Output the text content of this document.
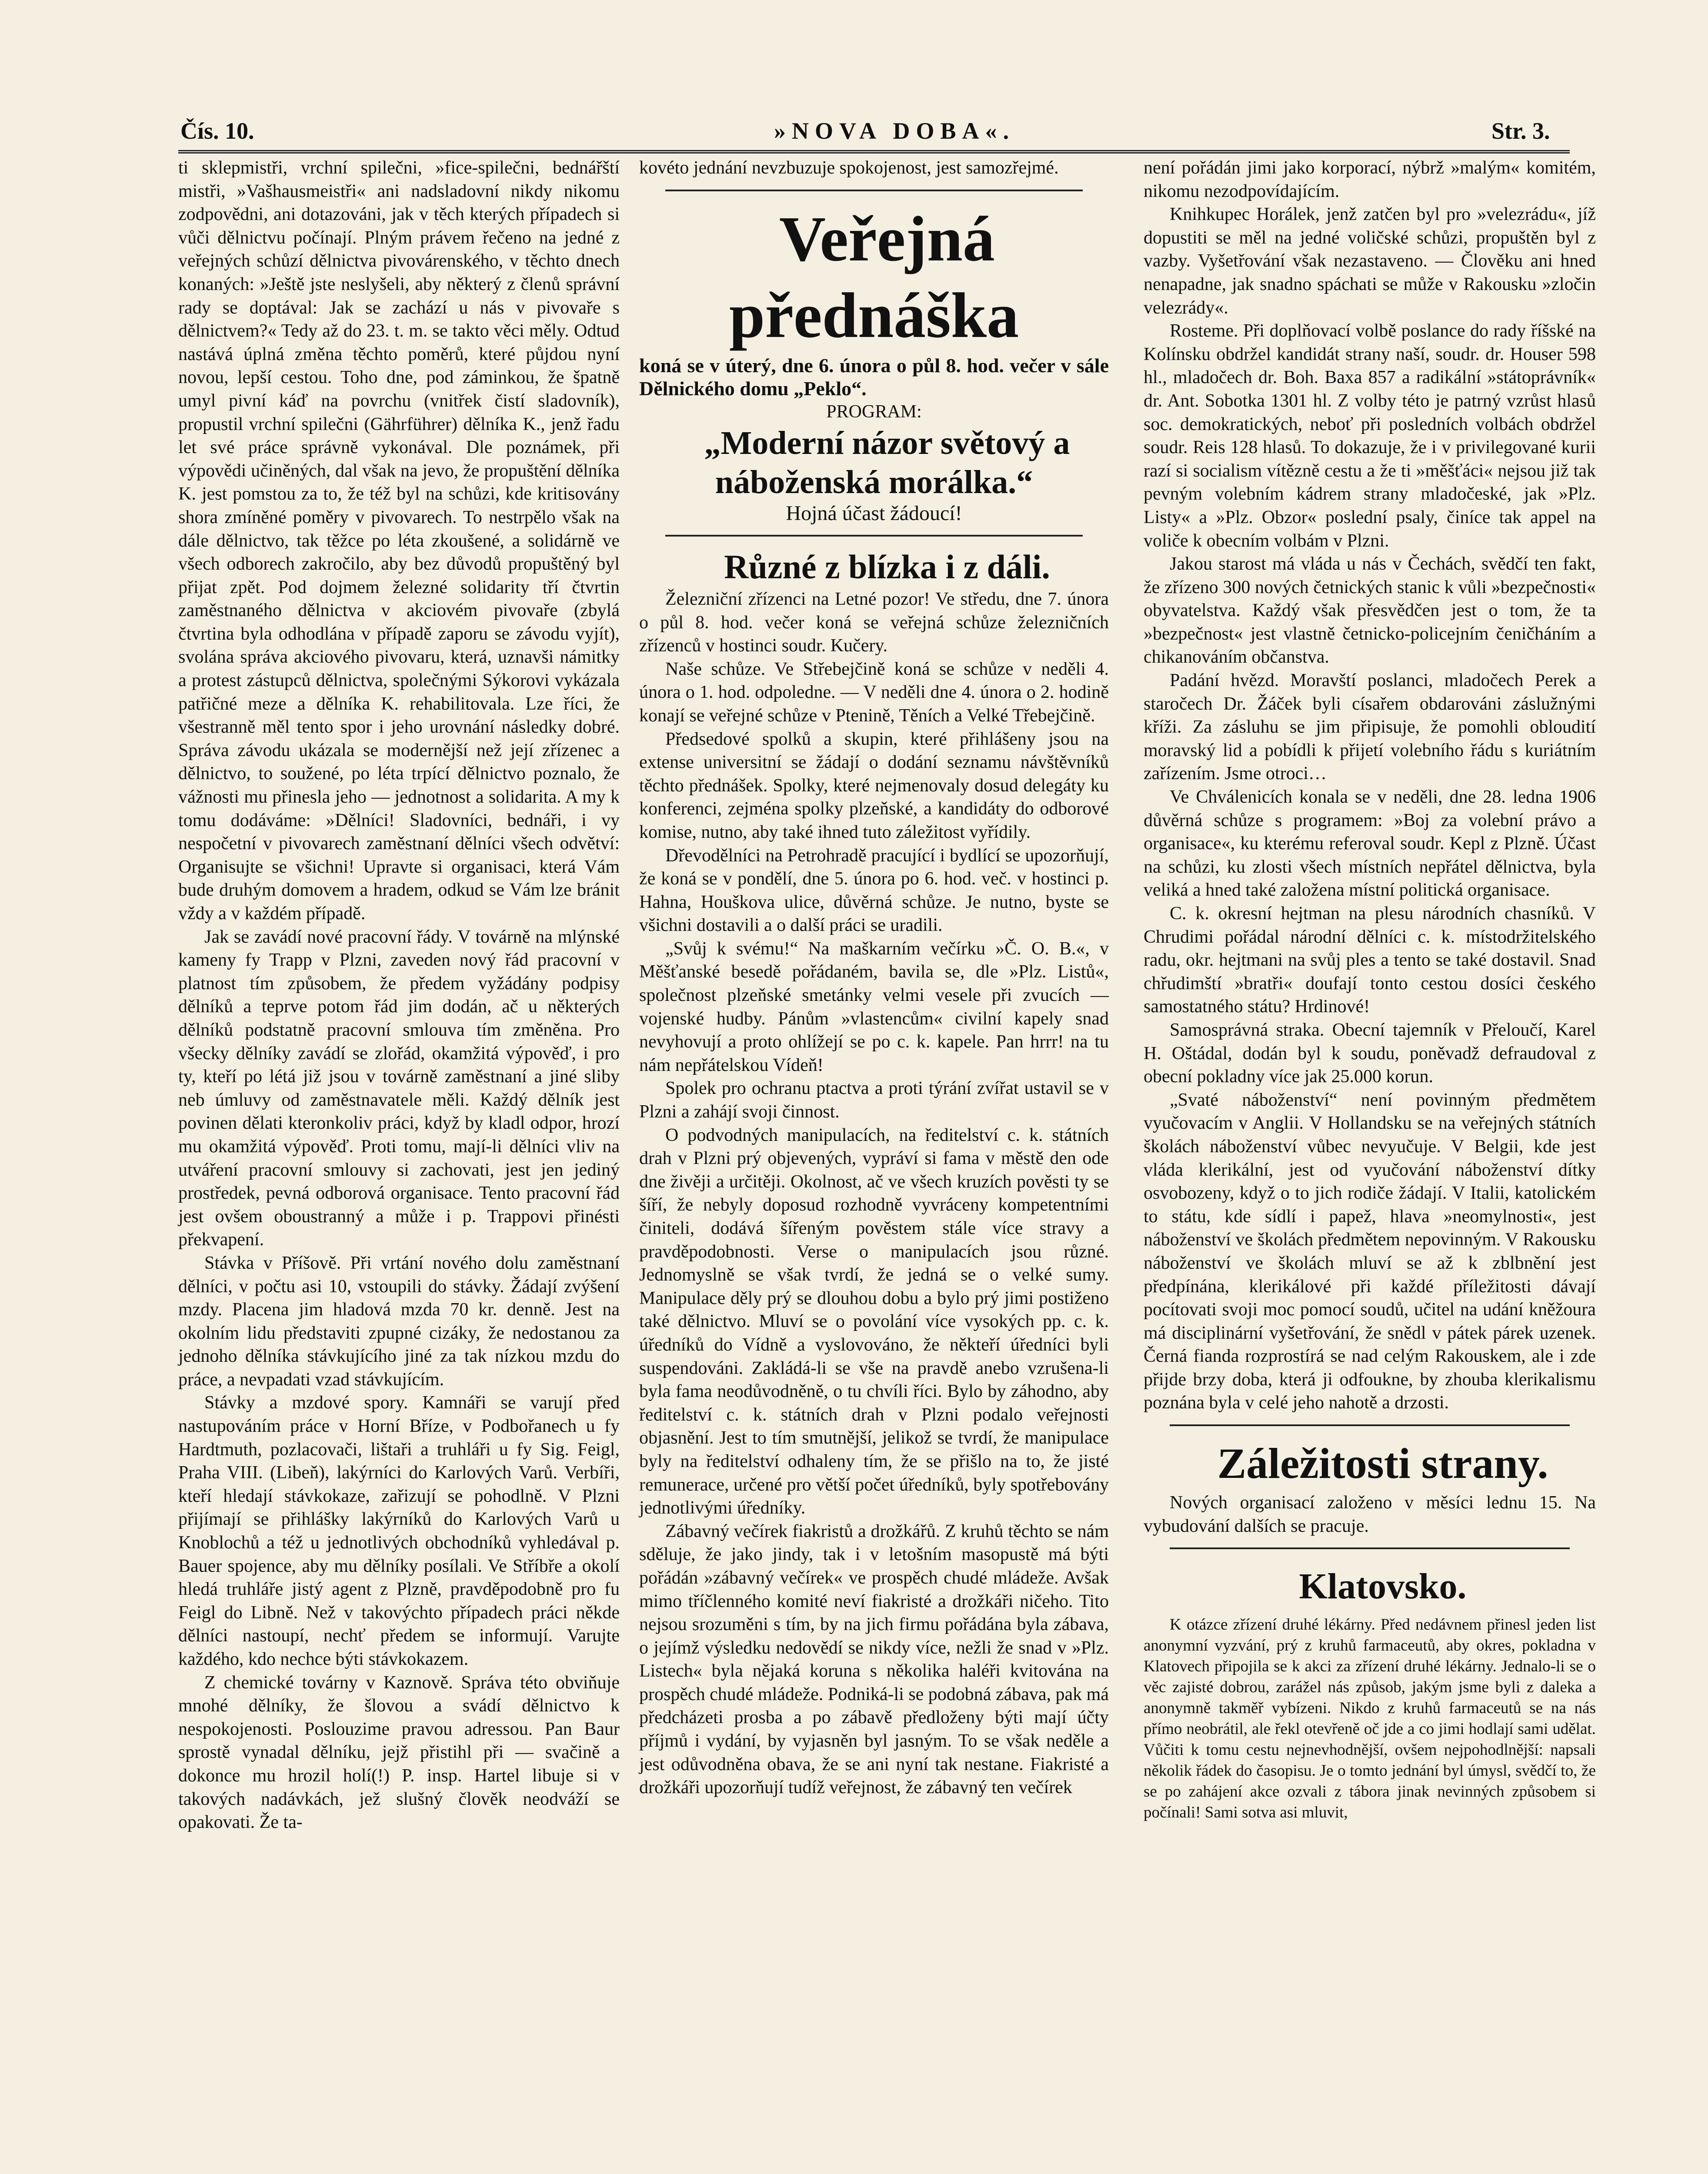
Čís. 10.	»NOVA DOBA«.	Str. 3.

ti sklepmistři, vrchní spilečni, »fice-spilečni, bednářští mistři, »Vašhausmeistři« ani nadsladovní nikdy nikomu zodpovědni, ani dotazováni, jak v těch kterých případech si vůči dělnictvu počínají. Plným právem řečeno na jedné z veřejných schůzí dělnictva pivovárenského, v těchto dnech konaných: »Ještě jste neslyšeli, aby některý z členů správní rady se doptával: Jak se zachází u nás v pivovaře s dělnictvem?« Tedy až do 23. t. m. se takto věci měly. Odtud nastává úplná změna těchto poměrů, které půjdou nyní novou, lepší cestou. Toho dne, pod záminkou, že špatně umyl pivní káď na povrchu (vnitřek čistí sladovník), propustil vrchní spilečni (Gährführer) dělníka K., jenž řadu let své práce správně vykonával. Dle poznámek, při výpovědi učiněných, dal však na jevo, že propuštění dělníka K. jest pomstou za to, že též byl na schůzi, kde kritisovány shora zmíněné poměry v pivovarech. To nestrpělo však na dále dělnictvo, tak těžce po léta zkoušené, a solidárně ve všech odborech zakročilo, aby bez důvodů propuštěný byl přijat zpět. Pod dojmem železné solidarity tří čtvrtin zaměstnaného dělnictva v akciovém pivovaře (zbylá čtvrtina byla odhodlána v případě zaporu se závodu vyjít), svolána správa akciového pivovaru, která, uznavši námitky a protest zástupců dělnictva, společnými Sýkorovi vykázala patřičné meze a dělníka K. rehabilitovala. Lze říci, že všestranně měl tento spor i jeho urovnání následky dobré. Správa závodu ukázala se modernější než její zřízenec a dělnictvo, to soužené, po léta trpící dělnictvo poznalo, že vážnosti mu přinesla jeho — jednotnost a solidarita. A my k tomu dodáváme: »Dělníci! Sladovníci, bednáři, i vy nespočetní v pivovarech zaměstnaní dělníci všech odvětví: Organisujte se všichni! Upravte si organisaci, která Vám bude druhým domovem a hradem, odkud se Vám lze bránit vždy a v každém případě.

Jak se zavádí nové pracovní řády. V továrně na mlýnské kameny fy Trapp v Plzni, zaveden nový řád pracovní v platnost tím způsobem, že předem vyžádány podpisy dělníků a teprve potom řád jim dodán, ač u některých dělníků podstatně pracovní smlouva tím změněna. Pro všecky dělníky zavádí se zlořád, okamžitá výpověď, i pro ty, kteří po létá již jsou v továrně zaměstnaní a jiné sliby neb úmluvy od zaměstnavatele měli. Každý dělník jest povinen dělati kteronkoliv práci, když by kladl odpor, hrozí mu okamžitá výpověď. Proti tomu, mají-li dělníci vliv na utváření pracovní smlouvy si zachovati, jest jen jediný prostředek, pevná odborová organisace. Tento pracovní řád jest ovšem oboustranný a může i p. Trappovi přinésti překvapení.

Stávka v Příšově. Při vrtání nového dolu zaměstnaní dělníci, v počtu asi 10, vstoupili do stávky. Žádají zvýšení mzdy. Placena jim hladová mzda 70 kr. denně. Jest na okolním lidu představiti zpupné cizáky, že nedostanou za jednoho dělníka stávkujícího jiné za tak nízkou mzdu do práce, a nevpadati vzad stávkujícím.

Stávky a mzdové spory. Kamnáři se varují před nastupováním práce v Horní Bříze, v Podbořanech u fy Hardtmuth, pozlacovači, lištaři a truhláři u fy Sig. Feigl, Praha VIII. (Libeň), lakýrníci do Karlových Varů. Verbíři, kteří hledají stávkokaze, zařizují se pohodlně. V Plzni přijímají se přihlášky lakýrníků do Karlových Varů u Knoblochů a též u jednotlivých obchodníků vyhledával p. Bauer spojence, aby mu dělníky posílali. Ve Stříbře a okolí hledá truhláře jistý agent z Plzně, pravděpodobně pro fu Feigl do Libně. Než v takovýchto případech práci někde dělníci nastoupí, nechť předem se informují. Varujte každého, kdo nechce býti stávkokazem.

Z chemické továrny v Kaznově. Správa této obviňuje mnohé dělníky, že šlovou a svádí dělnictvo k nespokojenosti. Poslouzime pravou adressou. Pan Baur sprostě vynadal dělníku, jejž přistihl při — svačině a dokonce mu hrozil holí(!) P. insp. Hartel libuje si v takových nadávkách, jež slušný člověk neodváží se opakovati. Že ta-

kovéto jednání nevzbuzuje spokojenost, jest samozřejmé.

Veřejná přednáška

koná se v úterý, dne 6. února o půl 8. hod. večer v sále Dělnického domu „Peklo“.

PROGRAM:

„Moderní názor světový a náboženská morálka.“

Hojná účast žádoucí!

Různé z blízka i z dáli.

Železniční zřízenci na Letné pozor! Ve středu, dne 7. února o půl 8. hod. večer koná se veřejná schůze železničních zřízenců v hostinci soudr. Kučery.

Naše schůze. Ve Střebejčině koná se schůze v neděli 4. února o 1. hod. odpoledne. — V neděli dne 4. února o 2. hodině konají se veřejné schůze v Ptenině, Těních a Velké Třebejčině.

Předsedové spolků a skupin, které přihlášeny jsou na extense universitní se žádají o dodání seznamu návštěvníků těchto přednášek. Spolky, které nejmenovaly dosud delegáty ku konferenci, zejména spolky plzeňské, a kandidáty do odborové komise, nutno, aby také ihned tuto záležitost vyřídily.

Dřevodělníci na Petrohradě pracující i bydlící se upozorňují, že koná se v pondělí, dne 5. února po 6. hod. več. v hostinci p. Hahna, Houškova ulice, důvěrná schůze. Je nutno, byste se všichni dostavili a o další práci se uradili.

„Svůj k svému!“ Na maškarním večírku »Č. O. B.«, v Měšťanské besedě pořádaném, bavila se, dle »Plz. Listů«, společnost plzeňské smetánky velmi vesele při zvucích — vojenské hudby. Pánům »vlastencům« civilní kapely snad nevyhovují a proto ohlížejí se po c. k. kapele. Pan hrrr! na tu nám nepřátelskou Vídeň!

Spolek pro ochranu ptactva a proti týrání zvířat ustavil se v Plzni a zahájí svoji činnost.

O podvodných manipulacích, na ředitelství c. k. státních drah v Plzni prý objevených, vypráví si fama v městě den ode dne živěji a určitěji. Okolnost, ač ve všech kruzích pověsti ty se šíří, že nebyly doposud rozhodně vyvráceny kompetentními činiteli, dodává šířeným pověstem stále více stravy a pravděpodobnosti. Verse o manipulacích jsou různé. Jednomyslně se však tvrdí, že jedná se o velké sumy. Manipulace děly prý se dlouhou dobu a bylo prý jimi postiženo také dělnictvo. Mluví se o povolání více vysokých pp. c. k. úředníků do Vídně a vyslovováno, že někteří úředníci byli suspendováni. Zakládá-li se vše na pravdě anebo vzrušena-li byla fama neodůvodněně, o tu chvíli říci. Bylo by záhodno, aby ředitelství c. k. státních drah v Plzni podalo veřejnosti objasnění. Jest to tím smutnější, jelikož se tvrdí, že manipulace byly na ředitelství odhaleny tím, že se přišlo na to, že jisté remunerace, určené pro větší počet úředníků, byly spotřebovány jednotlivými úředníky.

Zábavný večírek fiakristů a drožkářů. Z kruhů těchto se nám sděluje, že jako jindy, tak i v letošním masopustě má býti pořádán »zábavný večírek« ve prospěch chudé mládeže. Avšak mimo tříčlenného komité neví fiakristé a drožkáři ničeho. Tito nejsou srozuměni s tím, by na jich firmu pořádána byla zábava, o jejímž výsledku nedovědí se nikdy více, nežli že snad v »Plz. Listech« byla nějaká koruna s několika haléři kvitována na prospěch chudé mládeže. Podniká-li se podobná zábava, pak má předcházeti prosba a po zábavě předloženy býti mají účty příjmů i vydání, by vyjasněn byl jasným. To se však neděle a jest odůvodněna obava, že se ani nyní tak nestane. Fiakristé a drožkáři upozorňují tudíž veřejnost, že zábavný ten večírek

není pořádán jimi jako korporací, nýbrž »malým« komitém, nikomu nezodpovídajícím.

Knihkupec Horálek, jenž zatčen byl pro »velezrádu«, jíž dopustiti se měl na jedné voličské schůzi, propuštěn byl z vazby. Vyšetřování však nezastaveno. — Člověku ani hned nenapadne, jak snadno spáchati se může v Rakousku »zločin velezrády«.

Rosteme. Při doplňovací volbě poslance do rady říšské na Kolínsku obdržel kandidát strany naší, soudr. dr. Houser 598 hl., mladočech dr. Boh. Baxa 857 a radikální »státoprávník« dr. Ant. Sobotka 1301 hl. Z volby této je patrný vzrůst hlasů soc. demokratických, neboť při posledních volbách obdržel soudr. Reis 128 hlasů. To dokazuje, že i v privilegované kurii razí si socialism vítězně cestu a že ti »měšťáci« nejsou již tak pevným volebním kádrem strany mladočeské, jak »Plz. Listy« a »Plz. Obzor« poslední psaly, činíce tak appel na voliče k obecním volbám v Plzni.

Jakou starost má vláda u nás v Čechách, svědčí ten fakt, že zřízeno 300 nových četnických stanic k vůli »bezpečnosti« obyvatelstva. Každý však přesvědčen jest o tom, že ta »bezpečnost« jest vlastně četnicko-policejním čeničháním a chikanováním občanstva.

Padání hvězd. Moravští poslanci, mladočech Perek a staročech Dr. Žáček byli císařem obdarováni záslužnými kříži. Za zásluhu se jim připisuje, že pomohli obloudití moravský lid a pobídli k přijetí volebního řádu s kuriátním zařízením. Jsme otroci…

Ve Chválenicích konala se v neděli, dne 28. ledna 1906 důvěrná schůze s programem: »Boj za volební právo a organisace«, ku kterému referoval soudr. Kepl z Plzně. Účast na schůzi, ku zlosti všech místních nepřátel dělnictva, byla veliká a hned také založena místní politická organisace.

C. k. okresní hejtman na plesu národních chasníků. V Chrudimi pořádal národní dělníci c. k. místodržitelského radu, okr. hejtmani na svůj ples a tento se také dostavil. Snad chřudimští »bratři« doufají tonto cestou dosíci českého samostatného státu? Hrdinové!

Samosprávná straka. Obecní tajemník v Přeloučí, Karel H. Oštádal, dodán byl k soudu, poněvadž defraudoval z obecní pokladny více jak 25.000 korun.

„Svaté náboženství“ není povinným předmětem vyučovacím v Anglii. V Hollandsku se na veřejných státních školách náboženství vůbec nevyučuje. V Belgii, kde jest vláda klerikální, jest od vyučování náboženství dítky osvobozeny, když o to jich rodiče žádají. V Italii, katolickém to státu, kde sídlí i papež, hlava »neomylnosti«, jest náboženství ve školách předmětem nepovinným. V Rakousku náboženství ve školách mluví se až k zblbnění jest předpínána, klerikálové při každé příležitosti dávají pocítovati svoji moc pomocí soudů, učitel na udání kněžoura má disciplinární vyšetřování, že snědl v pátek párek uzenek. Černá fianda rozprostírá se nad celým Rakouskem, ale i zde přijde brzy doba, která ji odfoukne, by zhouba klerikalismu poznána byla v celé jeho nahotě a drzosti.

Záležitosti strany.

Nových organisací založeno v měsíci lednu 15. Na vybudování dalších se pracuje.

Klatovsko.

K otázce zřízení druhé lékárny. Před nedávnem přinesl jeden list anonymní vyzvání, prý z kruhů farmaceutů, aby okres, pokladna v Klatovech připojila se k akci za zřízení druhé lékárny. Jednalo-li se o věc zajisté dobrou, zarážel nás způsob, jakým jsme byli z daleka a anonymně takměř vybízeni. Nikdo z kruhů farmaceutů se na nás přímo neobrátil, ale řekl otevřeně oč jde a co jimi hodlají sami udělat. Vůčiti k tomu cestu nejnevhodnější, ovšem nejpohodlnější: napsali několik řádek do časopisu. Je o tomto jednání byl úmysl, svědčí to, že se po zahájení akce ozvali z tábora jinak nevinných způsobem si počínali! Sami sotva asi mluvit,
